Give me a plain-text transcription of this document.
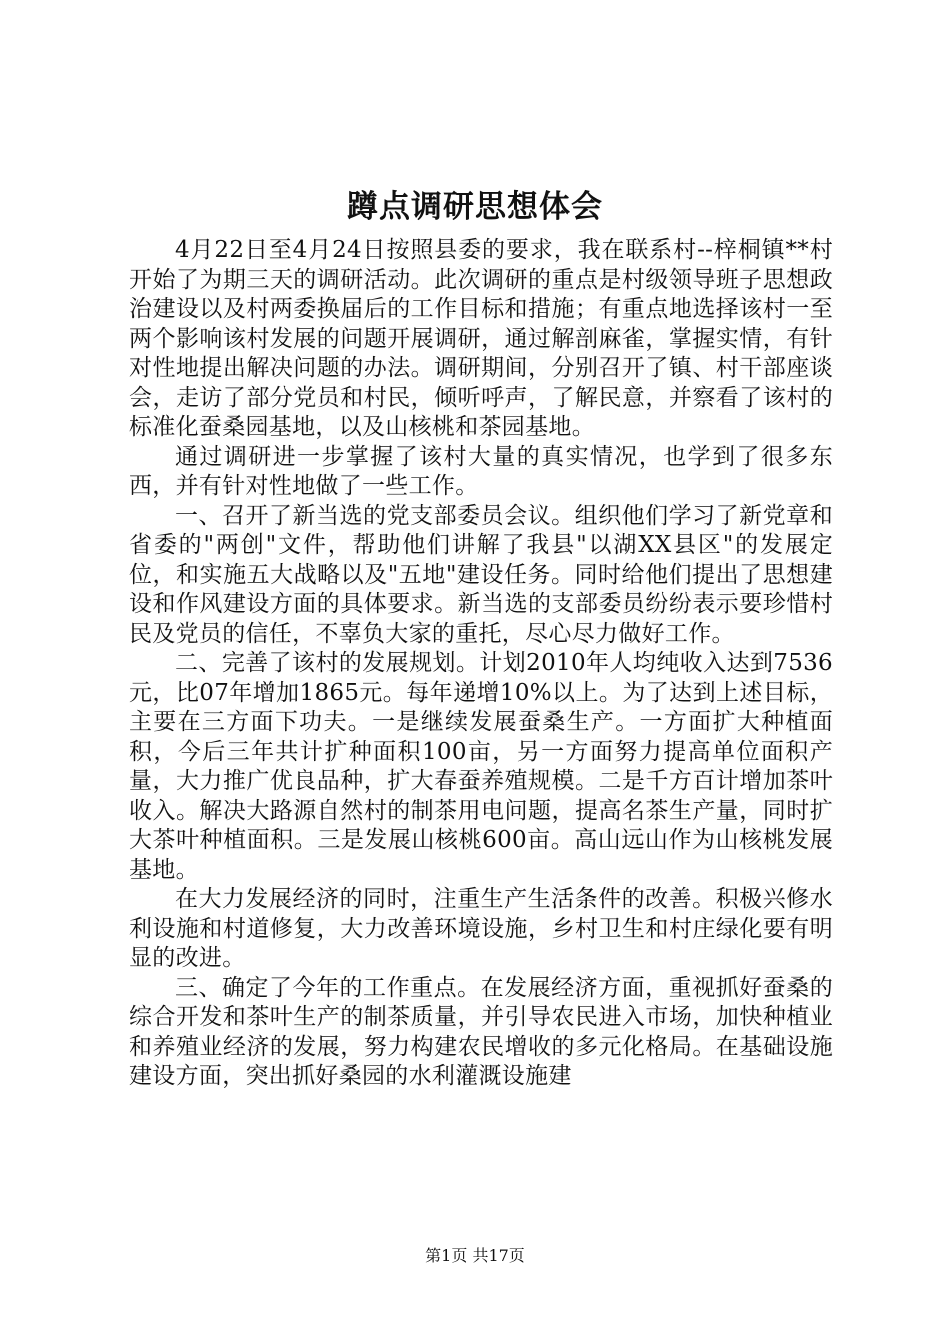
蹲点调研思想体会

4月22日至4月24日按照县委的要求，我在联系村--梓桐镇**村开始了为期三天的调研活动。此次调研的重点是村级领导班子思想政治建设以及村两委换届后的工作目标和措施；有重点地选择该村一至两个影响该村发展的问题开展调研，通过解剖麻雀，掌握实情，有针对性地提出解决问题的办法。调研期间，分别召开了镇、村干部座谈会，走访了部分党员和村民，倾听呼声，了解民意，并察看了该村的标准化蚕桑园基地，以及山核桃和茶园基地。

通过调研进一步掌握了该村大量的真实情况，也学到了很多东西，并有针对性地做了一些工作。

一、召开了新当选的党支部委员会议。组织他们学习了新党章和省委的"两创"文件，帮助他们讲解了我县"以湖XX县区"的发展定位，和实施五大战略以及"五地"建设任务。同时给他们提出了思想建设和作风建设方面的具体要求。新当选的支部委员纷纷表示要珍惜村民及党员的信任，不辜负大家的重托，尽心尽力做好工作。

二、完善了该村的发展规划。计划2010年人均纯收入达到7536元，比07年增加1865元。每年递增10%以上。为了达到上述目标，主要在三方面下功夫。一是继续发展蚕桑生产。一方面扩大种植面积，今后三年共计扩种面积100亩，另一方面努力提高单位面积产量，大力推广优良品种，扩大春蚕养殖规模。二是千方百计增加茶叶收入。解决大路源自然村的制茶用电问题，提高名茶生产量，同时扩大茶叶种植面积。三是发展山核桃600亩。高山远山作为山核桃发展基地。

在大力发展经济的同时，注重生产生活条件的改善。积极兴修水利设施和村道修复，大力改善环境设施，乡村卫生和村庄绿化要有明显的改进。

三、确定了今年的工作重点。在发展经济方面，重视抓好蚕桑的综合开发和茶叶生产的制茶质量，并引导农民进入市场，加快种植业和养殖业经济的发展，努力构建农民增收的多元化格局。在基础设施建设方面，突出抓好桑园的水利灌溉设施建

第1页 共17页
